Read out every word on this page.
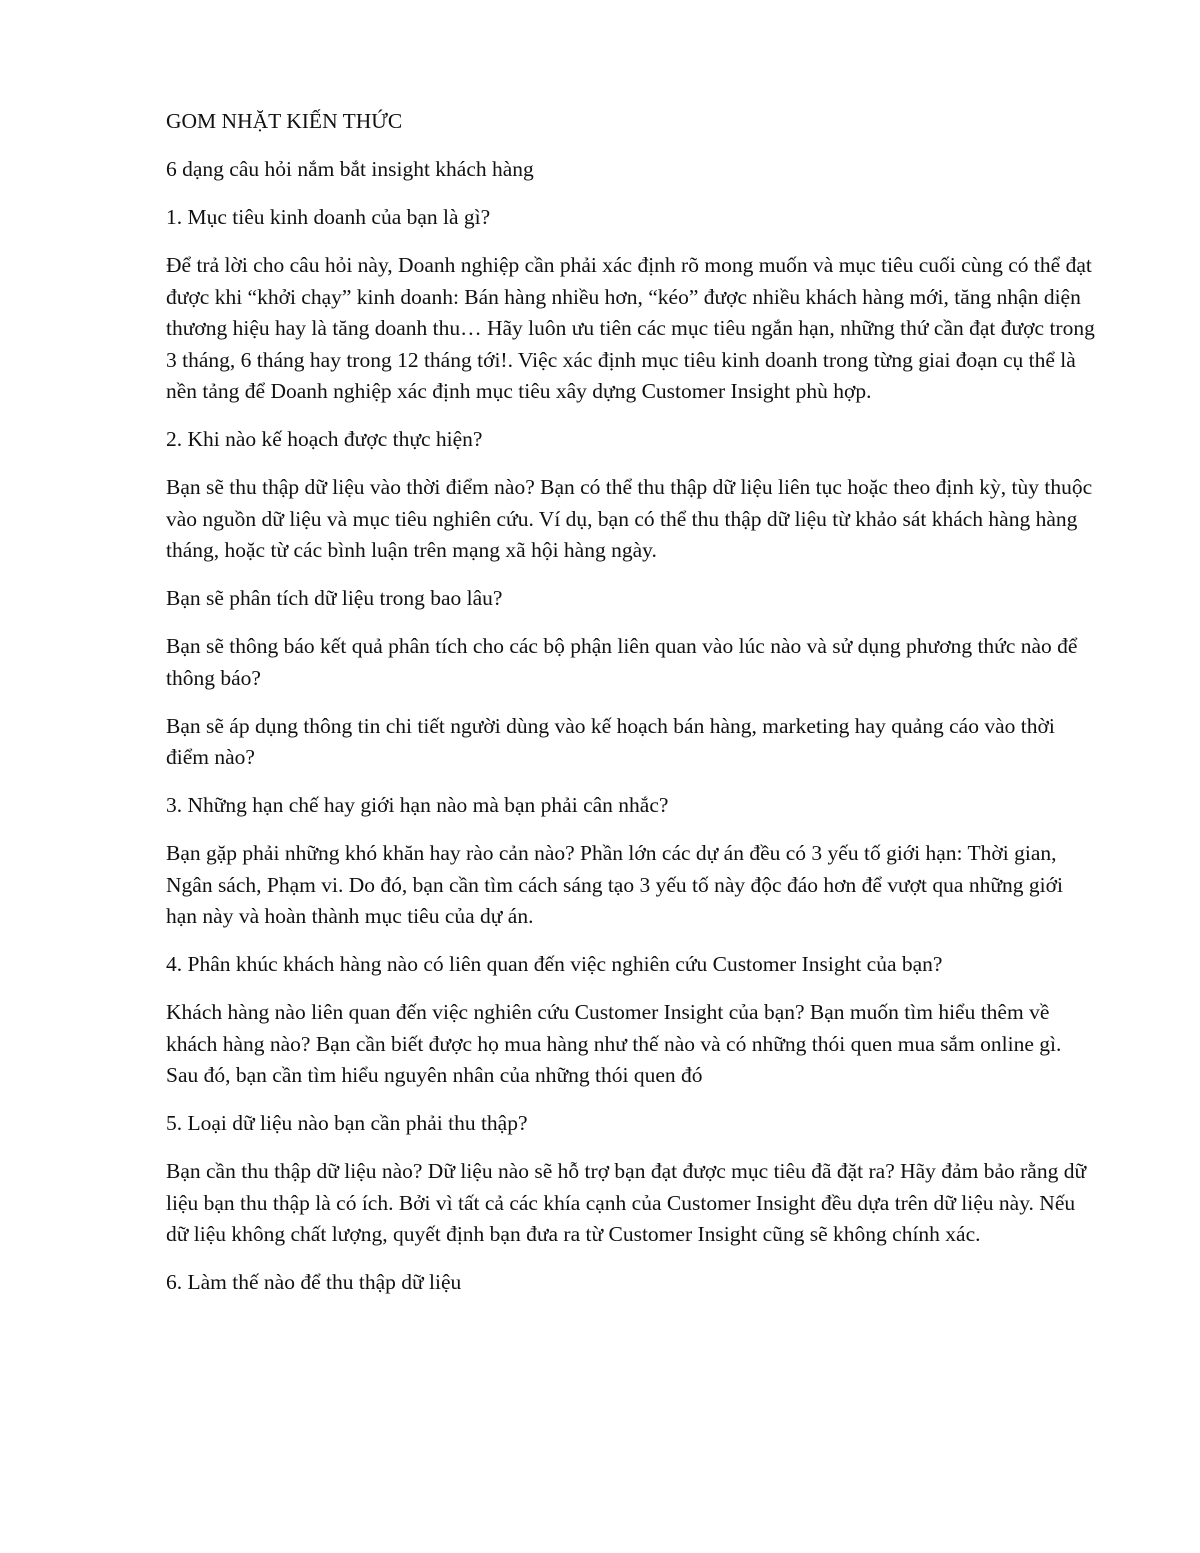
GOM NHẶT KIẾN THỨC

6 dạng câu hỏi nắm bắt insight khách hàng

1. Mục tiêu kinh doanh của bạn là gì?

Để trả lời cho câu hỏi này, Doanh nghiệp cần phải xác định rõ mong muốn và mục tiêu cuối cùng có thể đạt được khi “khởi chạy” kinh doanh: Bán hàng nhiều hơn, “kéo” được nhiều khách hàng mới, tăng nhận diện thương hiệu hay là tăng doanh thu… Hãy luôn ưu tiên các mục tiêu ngắn hạn, những thứ cần đạt được trong 3 tháng, 6 tháng hay trong 12 tháng tới!. Việc xác định mục tiêu kinh doanh trong từng giai đoạn cụ thể là nền tảng để Doanh nghiệp xác định mục tiêu xây dựng Customer Insight phù hợp.

2. Khi nào kế hoạch được thực hiện?

Bạn sẽ thu thập dữ liệu vào thời điểm nào? Bạn có thể thu thập dữ liệu liên tục hoặc theo định kỳ, tùy thuộc vào nguồn dữ liệu và mục tiêu nghiên cứu. Ví dụ, bạn có thể thu thập dữ liệu từ khảo sát khách hàng hàng tháng, hoặc từ các bình luận trên mạng xã hội hàng ngày.

Bạn sẽ phân tích dữ liệu trong bao lâu?

Bạn sẽ thông báo kết quả phân tích cho các bộ phận liên quan vào lúc nào và sử dụng phương thức nào để thông báo?

Bạn sẽ áp dụng thông tin chi tiết người dùng vào kế hoạch bán hàng, marketing hay quảng cáo vào thời điểm nào?

3. Những hạn chế hay giới hạn nào mà bạn phải cân nhắc?

Bạn gặp phải những khó khăn hay rào cản nào? Phần lớn các dự án đều có 3 yếu tố giới hạn: Thời gian, Ngân sách, Phạm vi. Do đó, bạn cần tìm cách sáng tạo 3 yếu tố này độc đáo hơn để vượt qua những giới hạn này và hoàn thành mục tiêu của dự án.

4. Phân khúc khách hàng nào có liên quan đến việc nghiên cứu Customer Insight của bạn?

Khách hàng nào liên quan đến việc nghiên cứu Customer Insight của bạn? Bạn muốn tìm hiểu thêm về khách hàng nào? Bạn cần biết được họ mua hàng như thế nào và có những thói quen mua sắm online gì. Sau đó, bạn cần tìm hiểu nguyên nhân của những thói quen đó

5. Loại dữ liệu nào bạn cần phải thu thập?

Bạn cần thu thập dữ liệu nào? Dữ liệu nào sẽ hỗ trợ bạn đạt được mục tiêu đã đặt ra? Hãy đảm bảo rằng dữ liệu bạn thu thập là có ích. Bởi vì tất cả các khía cạnh của Customer Insight đều dựa trên dữ liệu này. Nếu dữ liệu không chất lượng, quyết định bạn đưa ra từ Customer Insight cũng sẽ không chính xác.

6. Làm thế nào để thu thập dữ liệu
